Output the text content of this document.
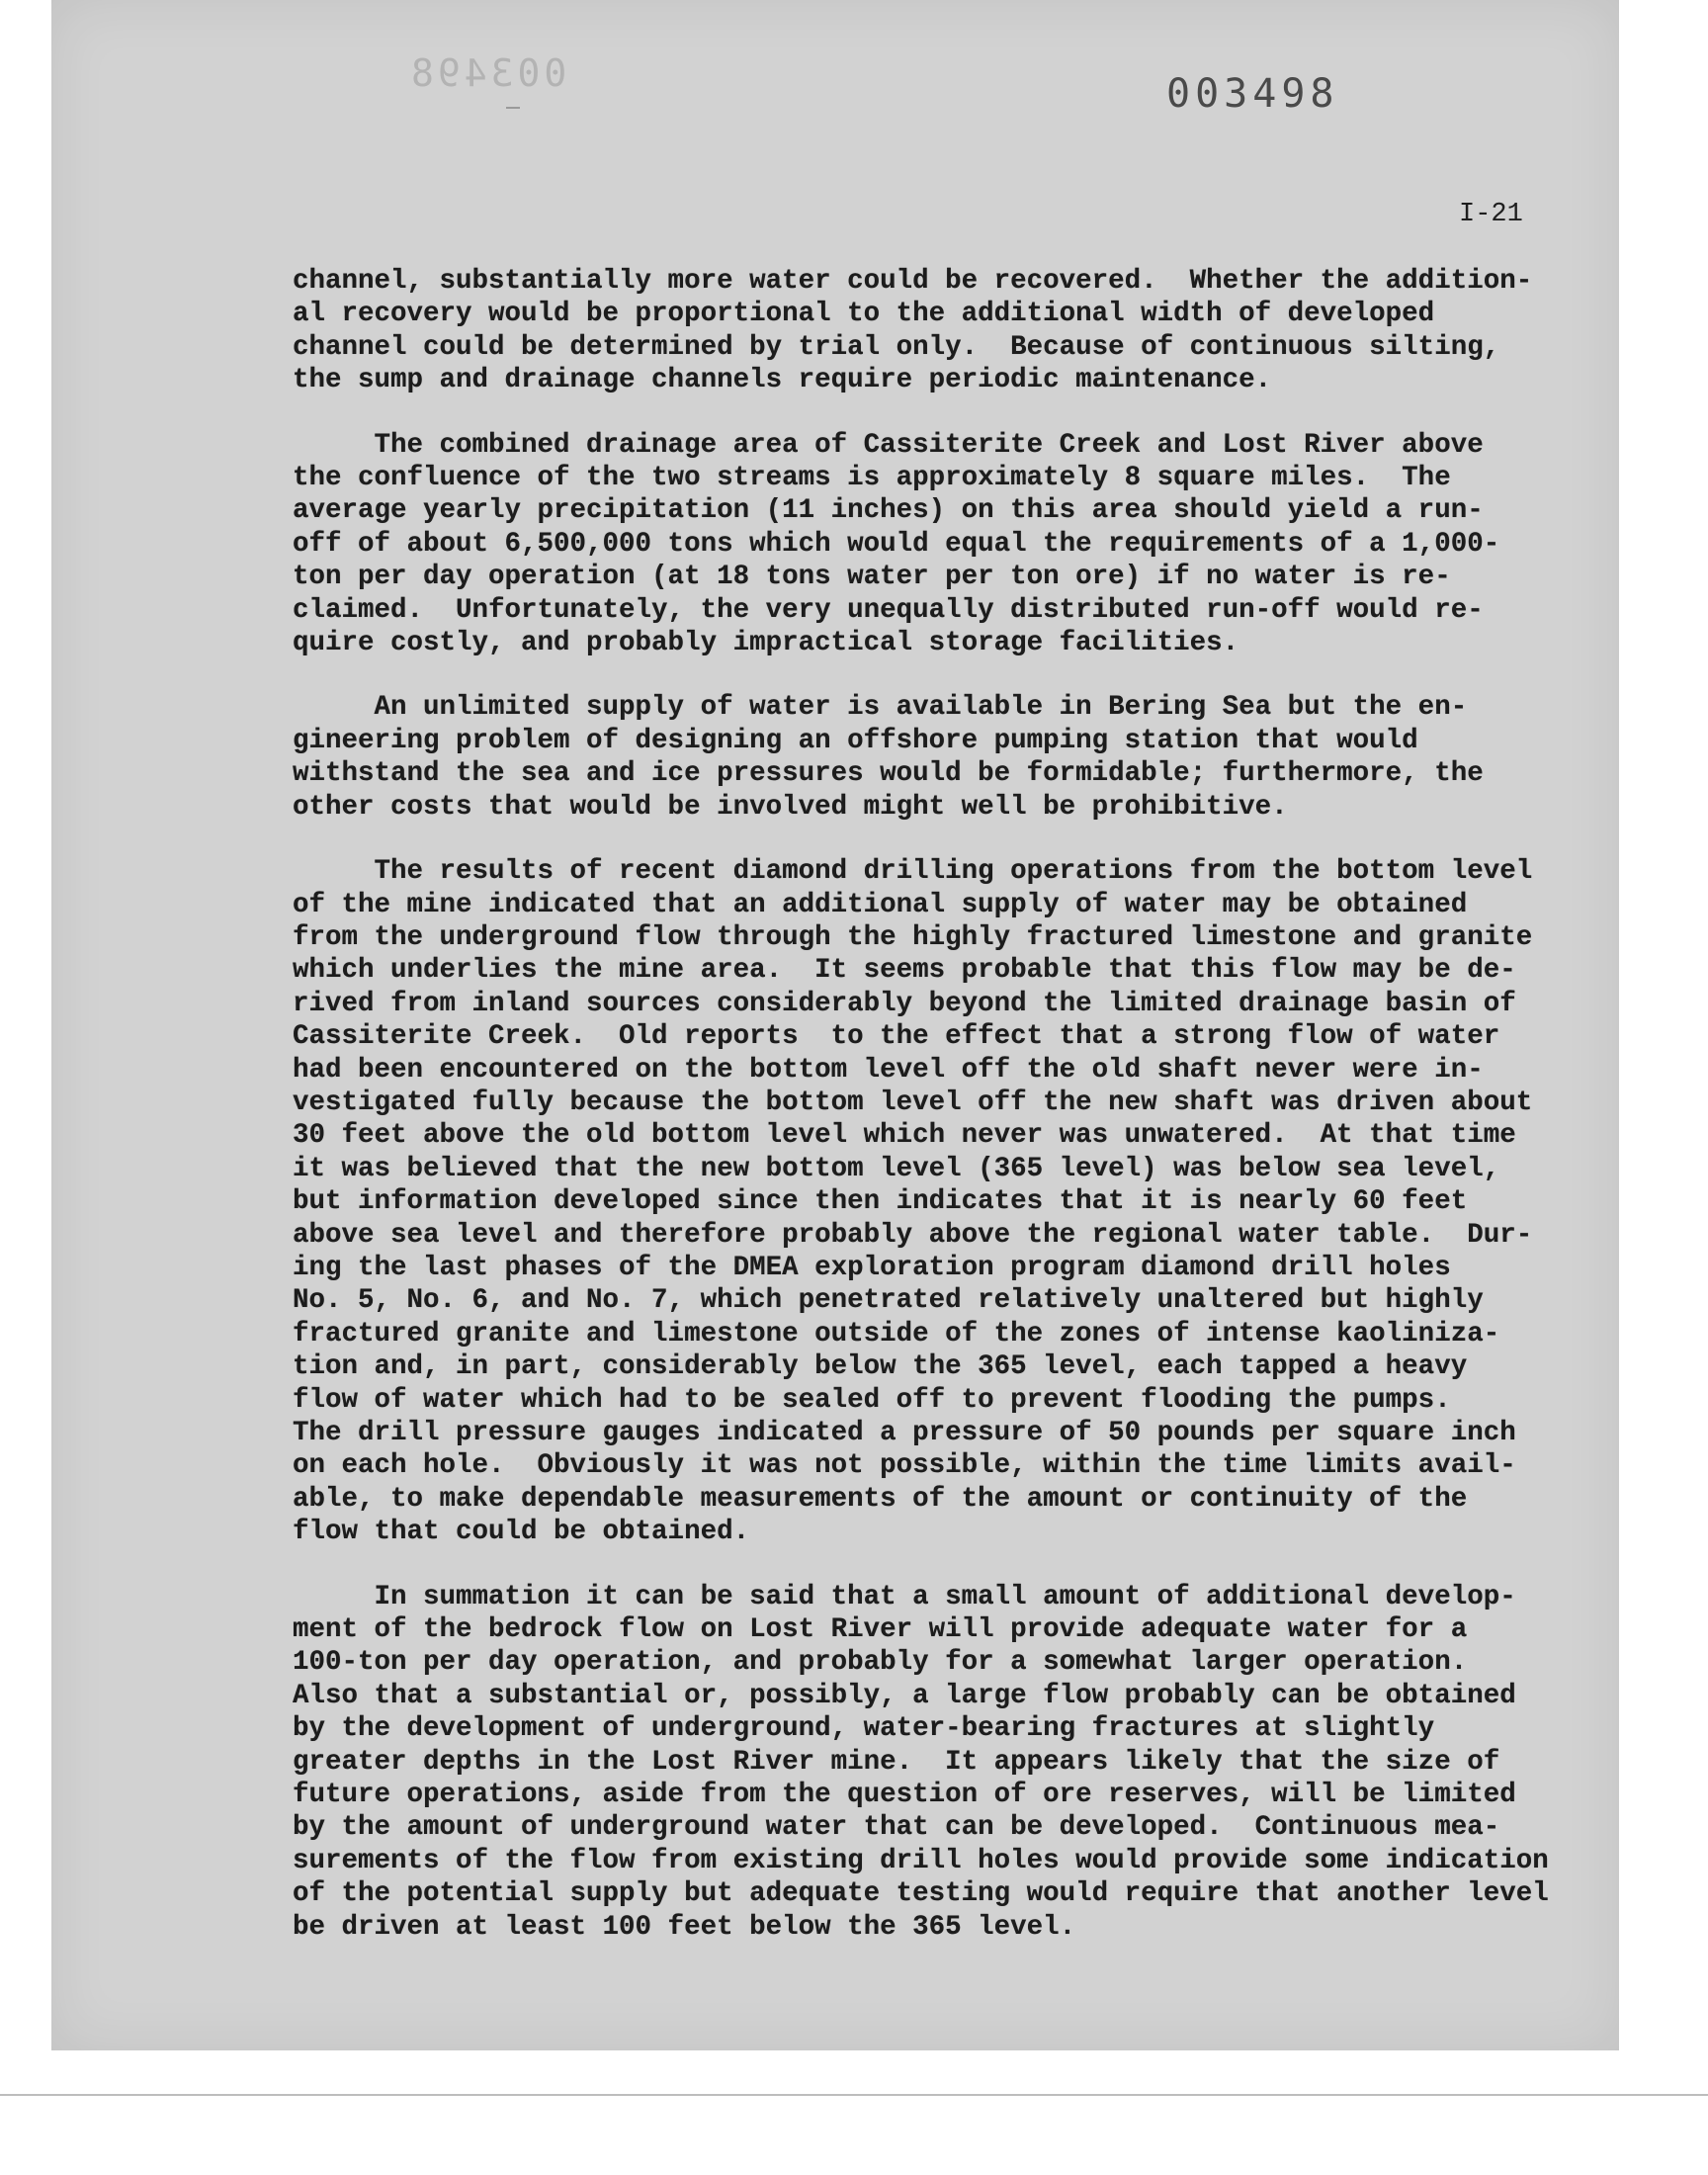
003498	003498
I-21
channel, substantially more water could be recovered.  Whether the addition-
al recovery would be proportional to the additional width of developed
channel could be determined by trial only.  Because of continuous silting,
the sump and drainage channels require periodic maintenance.
The combined drainage area of Cassiterite Creek and Lost River above
the confluence of the two streams is approximately 8 square miles.  The
average yearly precipitation (11 inches) on this area should yield a run-
off of about 6,500,000 tons which would equal the requirements of a 1,000-
ton per day operation (at 18 tons water per ton ore) if no water is re-
claimed.  Unfortunately, the very unequally distributed run-off would re-
quire costly, and probably impractical storage facilities.
An unlimited supply of water is available in Bering Sea but the en-
gineering problem of designing an offshore pumping station that would
withstand the sea and ice pressures would be formidable; furthermore, the
other costs that would be involved might well be prohibitive.
The results of recent diamond drilling operations from the bottom level
of the mine indicated that an additional supply of water may be obtained
from the underground flow through the highly fractured limestone and granite
which underlies the mine area.  It seems probable that this flow may be de-
rived from inland sources considerably beyond the limited drainage basin of
Cassiterite Creek.  Old reports  to the effect that a strong flow of water
had been encountered on the bottom level off the old shaft never were in-
vestigated fully because the bottom level off the new shaft was driven about
30 feet above the old bottom level which never was unwatered.  At that time
it was believed that the new bottom level (365 level) was below sea level,
but information developed since then indicates that it is nearly 60 feet
above sea level and therefore probably above the regional water table.  Dur-
ing the last phases of the DMEA exploration program diamond drill holes
No. 5, No. 6, and No. 7, which penetrated relatively unaltered but highly
fractured granite and limestone outside of the zones of intense kaoliniza-
tion and, in part, considerably below the 365 level, each tapped a heavy
flow of water which had to be sealed off to prevent flooding the pumps.
The drill pressure gauges indicated a pressure of 50 pounds per square inch
on each hole.  Obviously it was not possible, within the time limits avail-
able, to make dependable measurements of the amount or continuity of the
flow that could be obtained.
In summation it can be said that a small amount of additional develop-
ment of the bedrock flow on Lost River will provide adequate water for a
100-ton per day operation, and probably for a somewhat larger operation.
Also that a substantial or, possibly, a large flow probably can be obtained
by the development of underground, water-bearing fractures at slightly
greater depths in the Lost River mine.  It appears likely that the size of
future operations, aside from the question of ore reserves, will be limited
by the amount of underground water that can be developed.  Continuous mea-
surements of the flow from existing drill holes would provide some indication
of the potential supply but adequate testing would require that another level
be driven at least 100 feet below the 365 level.
